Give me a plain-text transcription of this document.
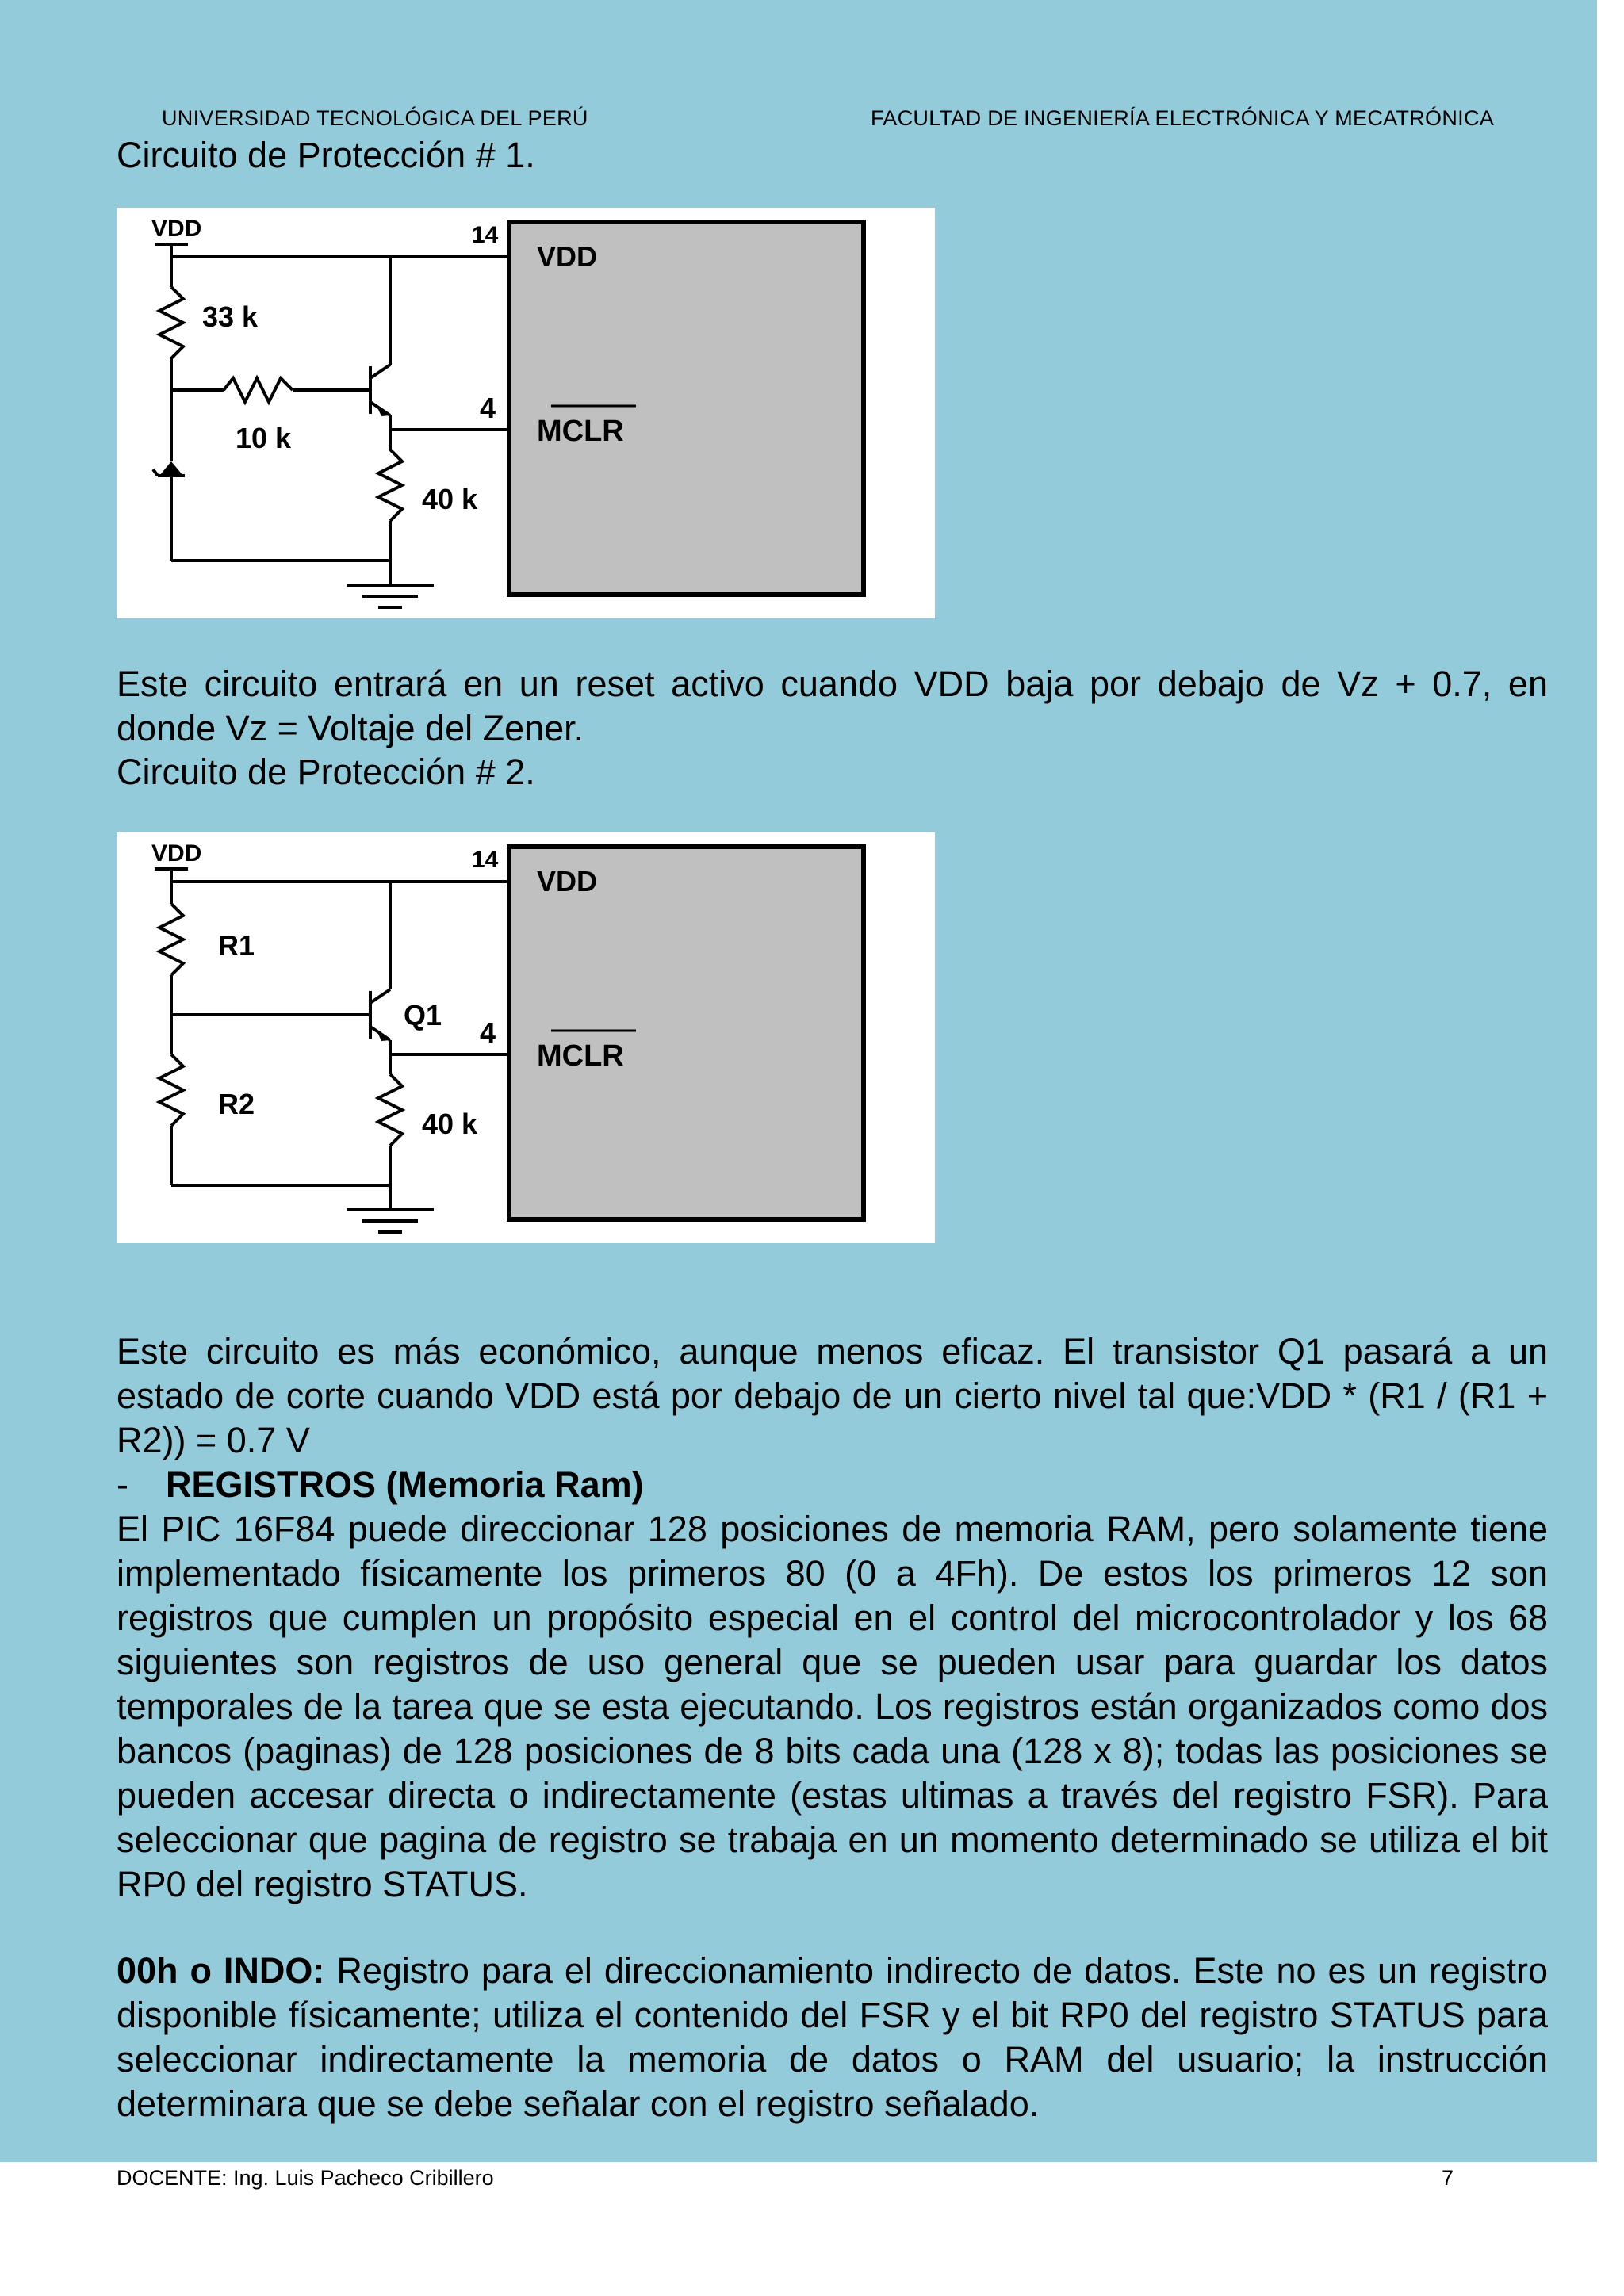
UNIVERSIDAD TECNOLÓGICA DEL PERÚ	FACULTAD DE INGENIERÍA ELECTRÓNICA Y MECATRÓNICA
Circuito de Protección # 1.
VDD	14
4
VDD
MCLR
33 k
10 k
40 k
Este circuito entrará en un reset activo cuando VDD baja por debajo de Vz + 0.7, en donde Vz = Voltaje del Zener.
Circuito de Protección # 2.
VDD	14
4
VDD
MCLR
R1
R2
Q1
40 k
Este circuito es más económico, aunque menos eficaz. El transistor Q1 pasará a un estado de corte cuando VDD está por debajo de un cierto nivel tal que:VDD * (R1 / (R1 + R2)) = 0.7 V
- REGISTROS (Memoria Ram)
El PIC 16F84 puede direccionar 128 posiciones de memoria RAM, pero solamente tiene implementado físicamente los primeros 80 (0 a 4Fh). De estos los primeros 12 son registros que cumplen un propósito especial en el control del microcontrolador y los 68 siguientes son registros de uso general que se pueden usar para guardar los datos temporales de la tarea que se esta ejecutando. Los registros están organizados como dos bancos (paginas) de 128 posiciones de 8 bits cada una (128 x 8); todas las posiciones se pueden accesar directa o indirectamente (estas ultimas a través del registro FSR). Para seleccionar que pagina de registro se trabaja en un momento determinado se utiliza el bit RP0 del registro STATUS.
00h o INDO: Registro para el direccionamiento indirecto de datos. Este no es un registro disponible físicamente; utiliza el contenido del FSR y el bit RP0 del registro STATUS para seleccionar indirectamente la memoria de datos o RAM del usuario; la instrucción determinara que se debe señalar con el registro señalado.
DOCENTE: Ing. Luis Pacheco Cribillero	7
